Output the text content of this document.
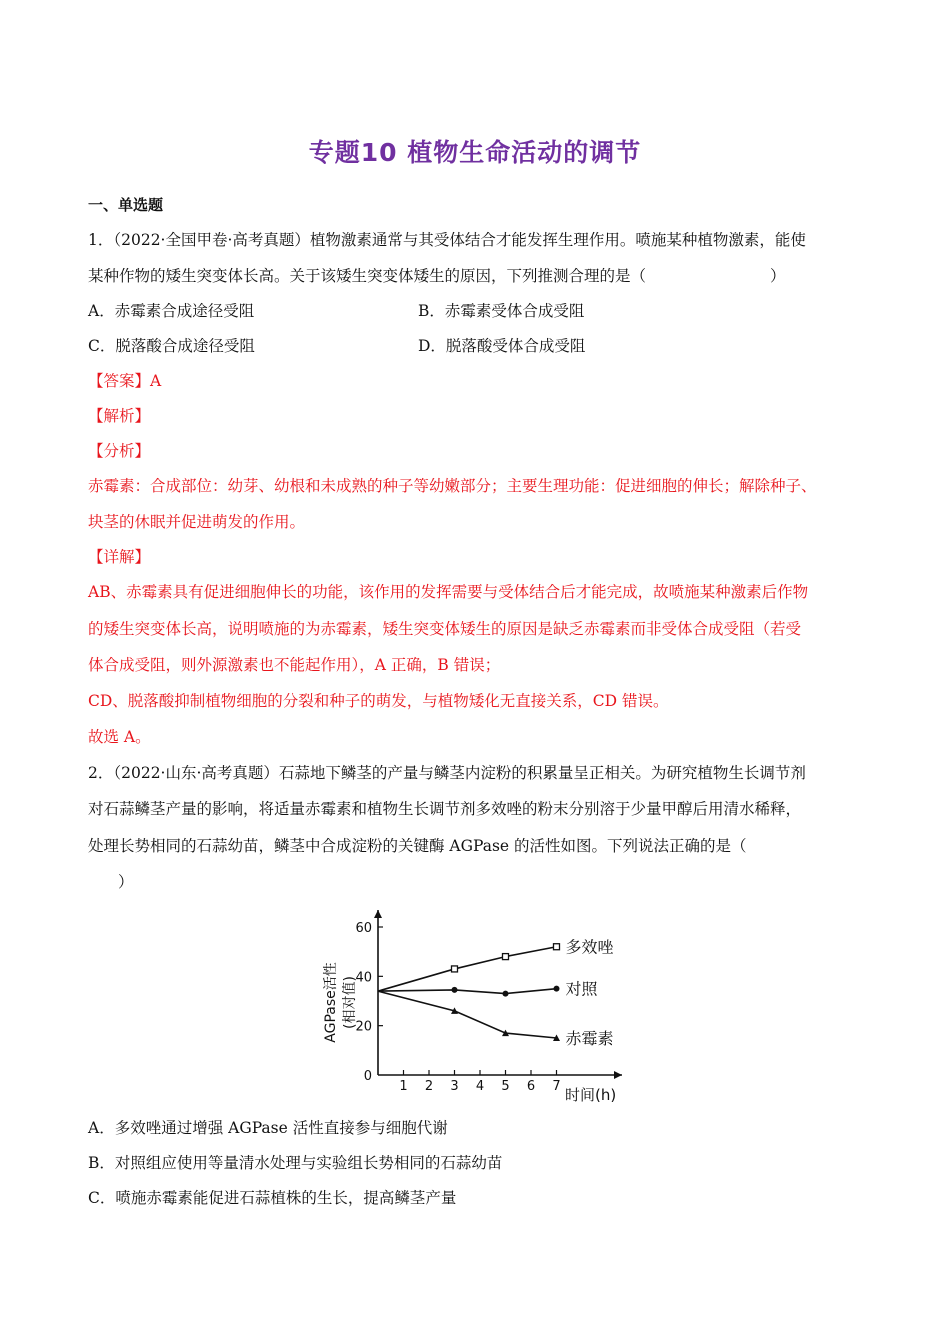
专题10 植物生命活动的调节
一、单选题
1．（2022·全国甲卷·高考真题）植物激素通常与其受体结合才能发挥生理作用。喷施某种植物激素，能使
某种作物的矮生突变体长高。关于该矮生突变体矮生的原因，下列推测合理的是（　　　　　　　　）
A．赤霉素合成途径受阻	B．赤霉素受体合成受阻
C．脱落酸合成途径受阻	D．脱落酸受体合成受阻
【答案】A
【解析】
【分析】
赤霉素：合成部位：幼芽、幼根和未成熟的种子等幼嫩部分；主要生理功能：促进细胞的伸长；解除种子、
块茎的休眠并促进萌发的作用。
【详解】
AB、赤霉素具有促进细胞伸长的功能，该作用的发挥需要与受体结合后才能完成，故喷施某种激素后作物
的矮生突变体长高，说明喷施的为赤霉素，矮生突变体矮生的原因是缺乏赤霉素而非受体合成受阻（若受
体合成受阻，则外源激素也不能起作用），A 正确，B 错误；
CD、脱落酸抑制植物细胞的分裂和种子的萌发，与植物矮化无直接关系，CD 错误。
故选 A。
2．（2022·山东·高考真题）石蒜地下鳞茎的产量与鳞茎内淀粉的积累量呈正相关。为研究植物生长调节剂
对石蒜鳞茎产量的影响，将适量赤霉素和植物生长调节剂多效唑的粉末分别溶于少量甲醇后用清水稀释，
处理长势相同的石蒜幼苗，鳞茎中合成淀粉的关键酶 AGPase 的活性如图。下列说法正确的是（
）
0
20
40
60
1 2 3 4 5 6 7
多效唑
对照
赤霉素
时间(h)
AGPase活性 (相对值)
A．多效唑通过增强 AGPase 活性直接参与细胞代谢
B．对照组应使用等量清水处理与实验组长势相同的石蒜幼苗
C．喷施赤霉素能促进石蒜植株的生长，提高鳞茎产量
